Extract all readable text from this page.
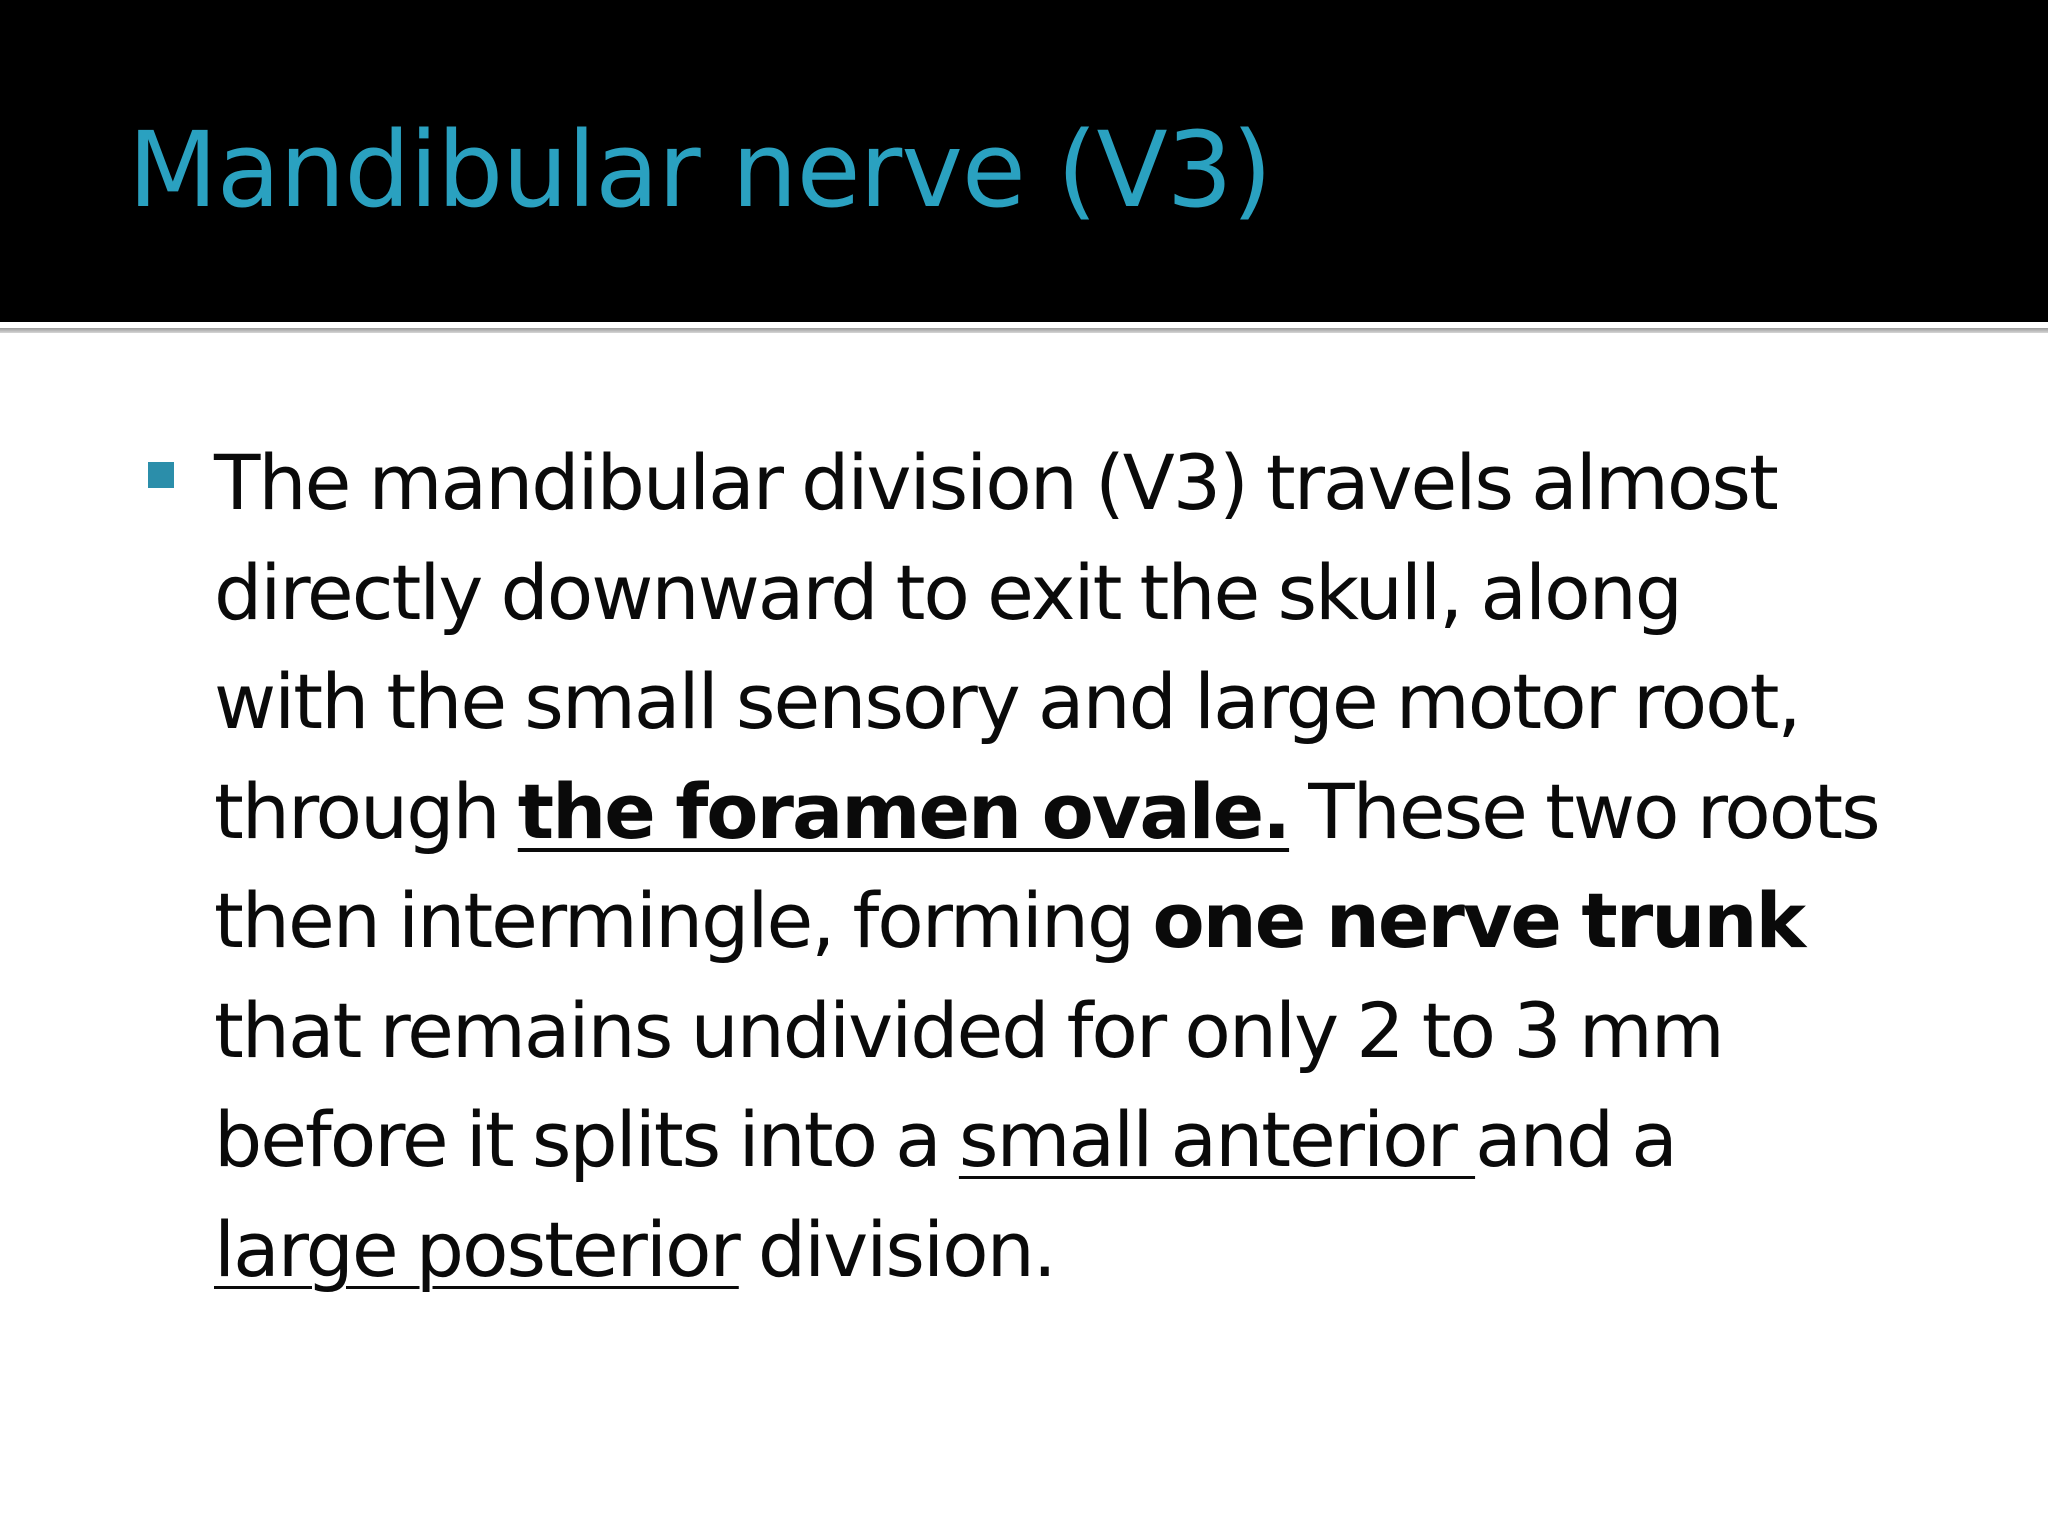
Mandibular nerve (V3)

The mandibular division (V3) travels almost
directly downward to exit the skull, along
with the small sensory and large motor root,
through the foramen ovale. These two roots
then intermingle, forming one nerve trunk
that remains undivided for only 2 to 3 mm
before it splits into a small anterior and a
large posterior division.
